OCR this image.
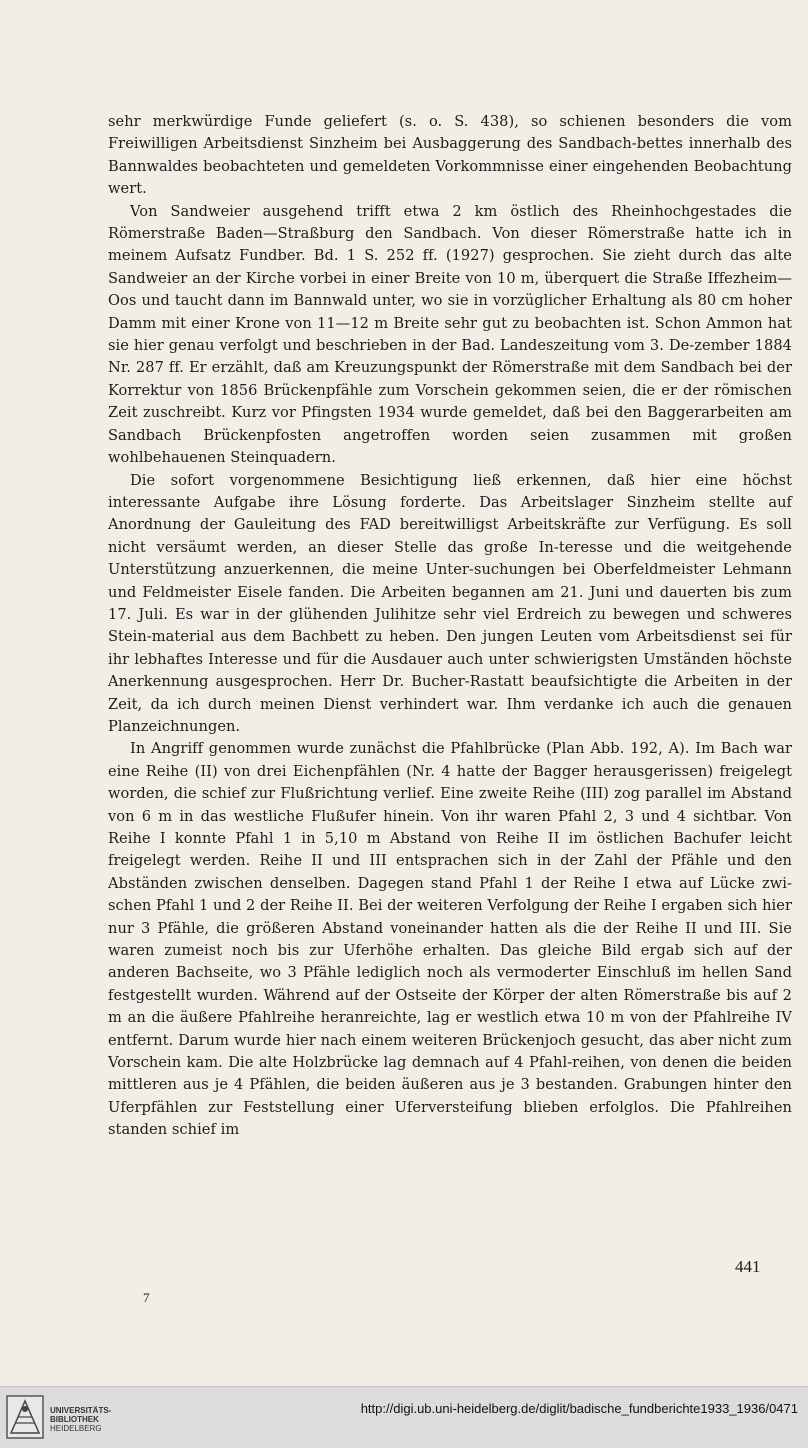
sehr merkwürdige Funde geliefert (s. o. S. 438), so schienen besonders die vom Freiwilligen Arbeitsdienst Sinzheim bei Ausbaggerung des Sandbach-bettes innerhalb des Bannwaldes beobachteten und gemeldeten Vorkommnisse einer eingehenden Beobachtung wert.

Von Sandweier ausgehend trifft etwa 2 km östlich des Rheinhochgestades die Römerstraße Baden—Straßburg den Sandbach. Von dieser Römerstraße hatte ich in meinem Aufsatz Fundber. Bd. 1 S. 252 ff. (1927) gesprochen. Sie zieht durch das alte Sandweier an der Kirche vorbei in einer Breite von 10 m, überquert die Straße Iffezheim—Oos und taucht dann im Bannwald unter, wo sie in vorzüglicher Erhaltung als 80 cm hoher Damm mit einer Krone von 11—12 m Breite sehr gut zu beobachten ist. Schon Ammon hat sie hier genau verfolgt und beschrieben in der Bad. Landeszeitung vom 3. De-zember 1884 Nr. 287 ff. Er erzählt, daß am Kreuzungspunkt der Römerstraße mit dem Sandbach bei der Korrektur von 1856 Brückenpfähle zum Vorschein gekommen seien, die er der römischen Zeit zuschreibt. Kurz vor Pfingsten 1934 wurde gemeldet, daß bei den Baggerarbeiten am Sandbach Brückenpfosten angetroffen worden seien zusammen mit großen wohlbehauenen Steinquadern.

Die sofort vorgenommene Besichtigung ließ erkennen, daß hier eine höchst interessante Aufgabe ihre Lösung forderte. Das Arbeitslager Sinzheim stellte auf Anordnung der Gauleitung des FAD bereitwilligst Arbeitskräfte zur Verfügung. Es soll nicht versäumt werden, an dieser Stelle das große In-teresse und die weitgehende Unterstützung anzuerkennen, die meine Unter-suchungen bei Oberfeldmeister Lehmann und Feldmeister Eisele fanden. Die Arbeiten begannen am 21. Juni und dauerten bis zum 17. Juli. Es war in der glühenden Julihitze sehr viel Erdreich zu bewegen und schweres Stein-material aus dem Bachbett zu heben. Den jungen Leuten vom Arbeitsdienst sei für ihr lebhaftes Interesse und für die Ausdauer auch unter schwierigsten Umständen höchste Anerkennung ausgesprochen. Herr Dr. Bucher-Rastatt beaufsichtigte die Arbeiten in der Zeit, da ich durch meinen Dienst verhindert war. Ihm verdanke ich auch die genauen Planzeichnungen.

In Angriff genommen wurde zunächst die Pfahlbrücke (Plan Abb. 192, A). Im Bach war eine Reihe (II) von drei Eichenpfählen (Nr. 4 hatte der Bagger herausgerissen) freigelegt worden, die schief zur Flußrichtung verlief. Eine zweite Reihe (III) zog parallel im Abstand von 6 m in das westliche Flußufer hinein. Von ihr waren Pfahl 2, 3 und 4 sichtbar. Von Reihe I konnte Pfahl 1 in 5,10 m Abstand von Reihe II im östlichen Bachufer leicht freigelegt werden. Reihe II und III entsprachen sich in der Zahl der Pfähle und den Abständen zwischen denselben. Dagegen stand Pfahl 1 der Reihe I etwa auf Lücke zwi-schen Pfahl 1 und 2 der Reihe II. Bei der weiteren Verfolgung der Reihe I ergaben sich hier nur 3 Pfähle, die größeren Abstand voneinander hatten als die der Reihe II und III. Sie waren zumeist noch bis zur Uferhöhe erhalten. Das gleiche Bild ergab sich auf der anderen Bachseite, wo 3 Pfähle lediglich noch als vermoderter Einschluß im hellen Sand festgestellt wurden. Während auf der Ostseite der Körper der alten Römerstraße bis auf 2 m an die äußere Pfahlreihe heranreichte, lag er westlich etwa 10 m von der Pfahlreihe IV entfernt. Darum wurde hier nach einem weiteren Brückenjoch gesucht, das aber nicht zum Vorschein kam. Die alte Holzbrücke lag demnach auf 4 Pfahl-reihen, von denen die beiden mittleren aus je 4 Pfählen, die beiden äußeren aus je 3 bestanden. Grabungen hinter den Uferpfählen zur Feststellung einer Uferversteifung blieben erfolglos. Die Pfahlreihen standen schief im

441
7
UNIVERSITÄTS-
BIBLIOTHEK
HEIDELBERG
http://digi.ub.uni-heidelberg.de/diglit/badische_fundberichte1933_1936/0471
